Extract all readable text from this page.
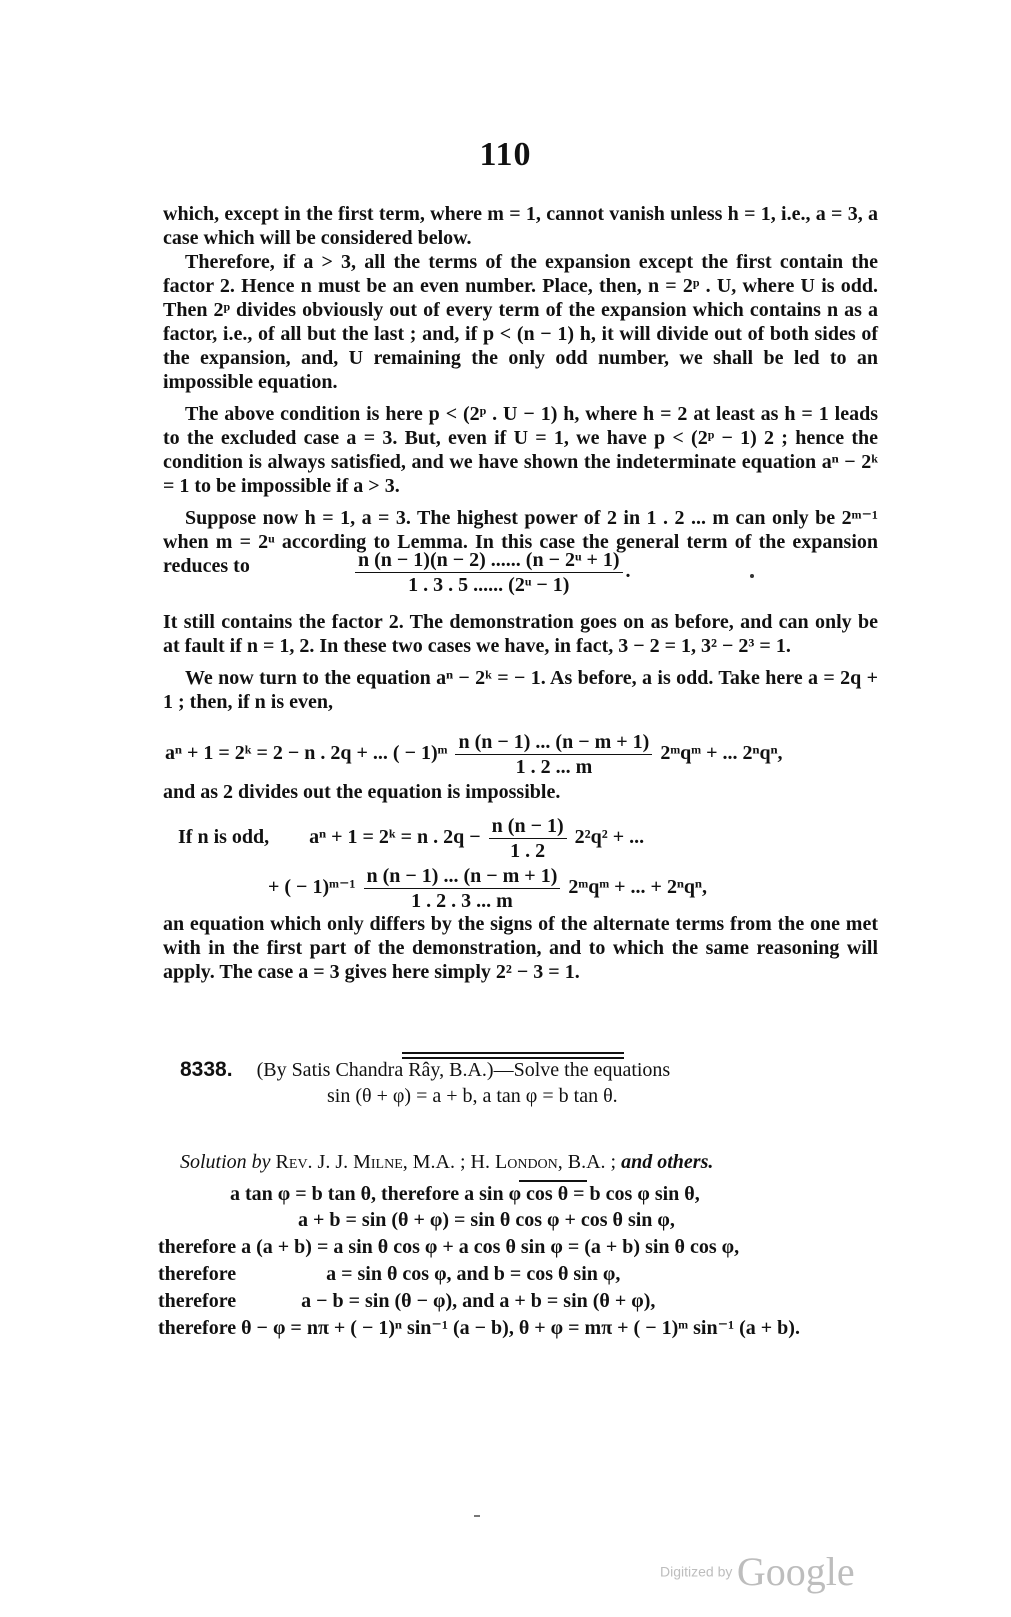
110

which, except in the first term, where m = 1, cannot vanish unless h = 1, i.e., a = 3, a case which will be considered below.

Therefore, if a > 3, all the terms of the expansion except the first contain the factor 2. Hence n must be an even number. Place, then, n = 2ᵖ . U, where U is odd. Then 2ᵖ divides obviously out of every term of the expansion which contains n as a factor, i.e., of all but the last ; and, if p < (n − 1) h, it will divide out of both sides of the expansion, and, U remaining the only odd number, we shall be led to an impossible equation.

The above condition is here p < (2ᵖ . U − 1) h, where h = 2 at least as h = 1 leads to the excluded case a = 3. But, even if U = 1, we have p < (2ᵖ − 1) 2 ; hence the condition is always satisfied, and we have shown the indeterminate equation aⁿ − 2ᵏ = 1 to be impossible if a > 3.

Suppose now h = 1, a = 3. The highest power of 2 in 1 . 2 ... m can only be 2ᵐ⁻¹ when m = 2ᵘ according to Lemma. In this case the general term of the expansion reduces to	$\frac{\text{n (n − 1)(n − 2) ...... (n − 2ᵘ + 1)}}{\text{1 . 3 . 5 ...... (2ᵘ − 1)}}$ .

It still contains the factor 2. The demonstration goes on as before, and can only be at fault if n = 1, 2. In these two cases we have, in fact, 3 − 2 = 1, 3² − 2³ = 1.

We now turn to the equation aⁿ − 2ᵏ = − 1. As before, a is odd. Take here a = 2q + 1 ; then, if n is even,

aⁿ + 1 = 2ᵏ = 2 − n . 2q + ... ( − 1)ᵐ $\frac{n (n - 1) ... (n - m + 1)}{1 . 2 ... m}$ 2ᵐqᵐ + ... 2ⁿqⁿ,

and as 2 divides out the equation is impossible.

If n is odd, aⁿ + 1 = 2ᵏ = n . $2q - \frac{n (n - 1)}{1 . 2} 2^2q^2$ + ...
+ ( − 1)ᵐ⁻¹ $\frac{n (n - 1) ... (n - m + 1)}{1 . 2 . 3 ... m}$ 2ᵐqᵐ + ... + 2ⁿqⁿ,

an equation which only differs by the signs of the alternate terms from the one met with in the first part of the demonstration, and to which the same reasoning will apply. The case a = 3 gives here simply 2² − 3 = 1.

8338. (By Satis Chandra Rây, B.A.)—Solve the equations
sin (θ + φ) = a + b, a tan φ = b tan θ.
Solution by Rev. J. J. Milne, M.A. ; H. London, B.A. ; and others.
a tan φ = b tan θ, therefore a sin φ cos θ = b cos φ sin θ,
a + b = sin (θ + φ) = sin θ cos φ + cos θ sin φ,
therefore a (a + b) = a sin θ cos φ + a cos θ sin φ = (a + b) sin θ cos φ,
therefore	a = sin θ cos φ, and b = cos θ sin φ,
therefore	a − b = sin (θ − φ), and a + b = sin (θ + φ),
therefore θ − φ = nπ + ( − 1)ⁿ sin⁻¹ (a − b), θ + φ = mπ + ( − 1)ᵐ sin⁻¹ (a + b).
Digitized by Google
